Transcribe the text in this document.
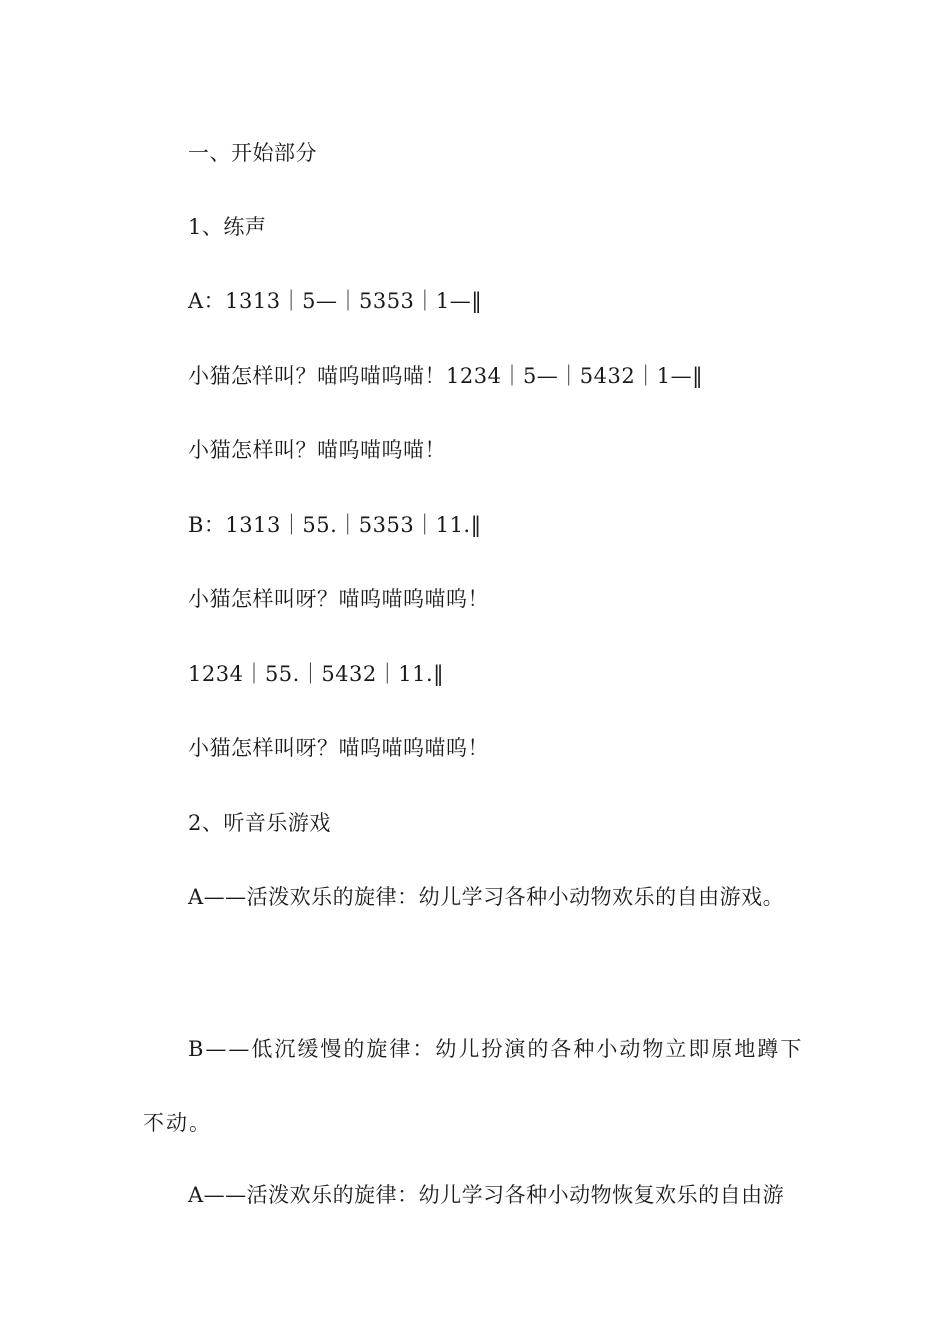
一、开始部分
1、练声
A：1313｜5—｜5353｜1—‖
小猫怎样叫？喵呜喵呜喵！1234｜5—｜5432｜1—‖
小猫怎样叫？喵呜喵呜喵！
B：1313｜55.｜5353｜11.‖
小猫怎样叫呀？喵呜喵呜喵呜！
1234｜55.｜5432｜11.‖
小猫怎样叫呀？喵呜喵呜喵呜！
2、听音乐游戏
A——活泼欢乐的旋律：幼儿学习各种小动物欢乐的自由游戏。
B——低沉缓慢的旋律：幼儿扮演的各种小动物立即原地蹲下不动。
A——活泼欢乐的旋律：幼儿学习各种小动物恢复欢乐的自由游
